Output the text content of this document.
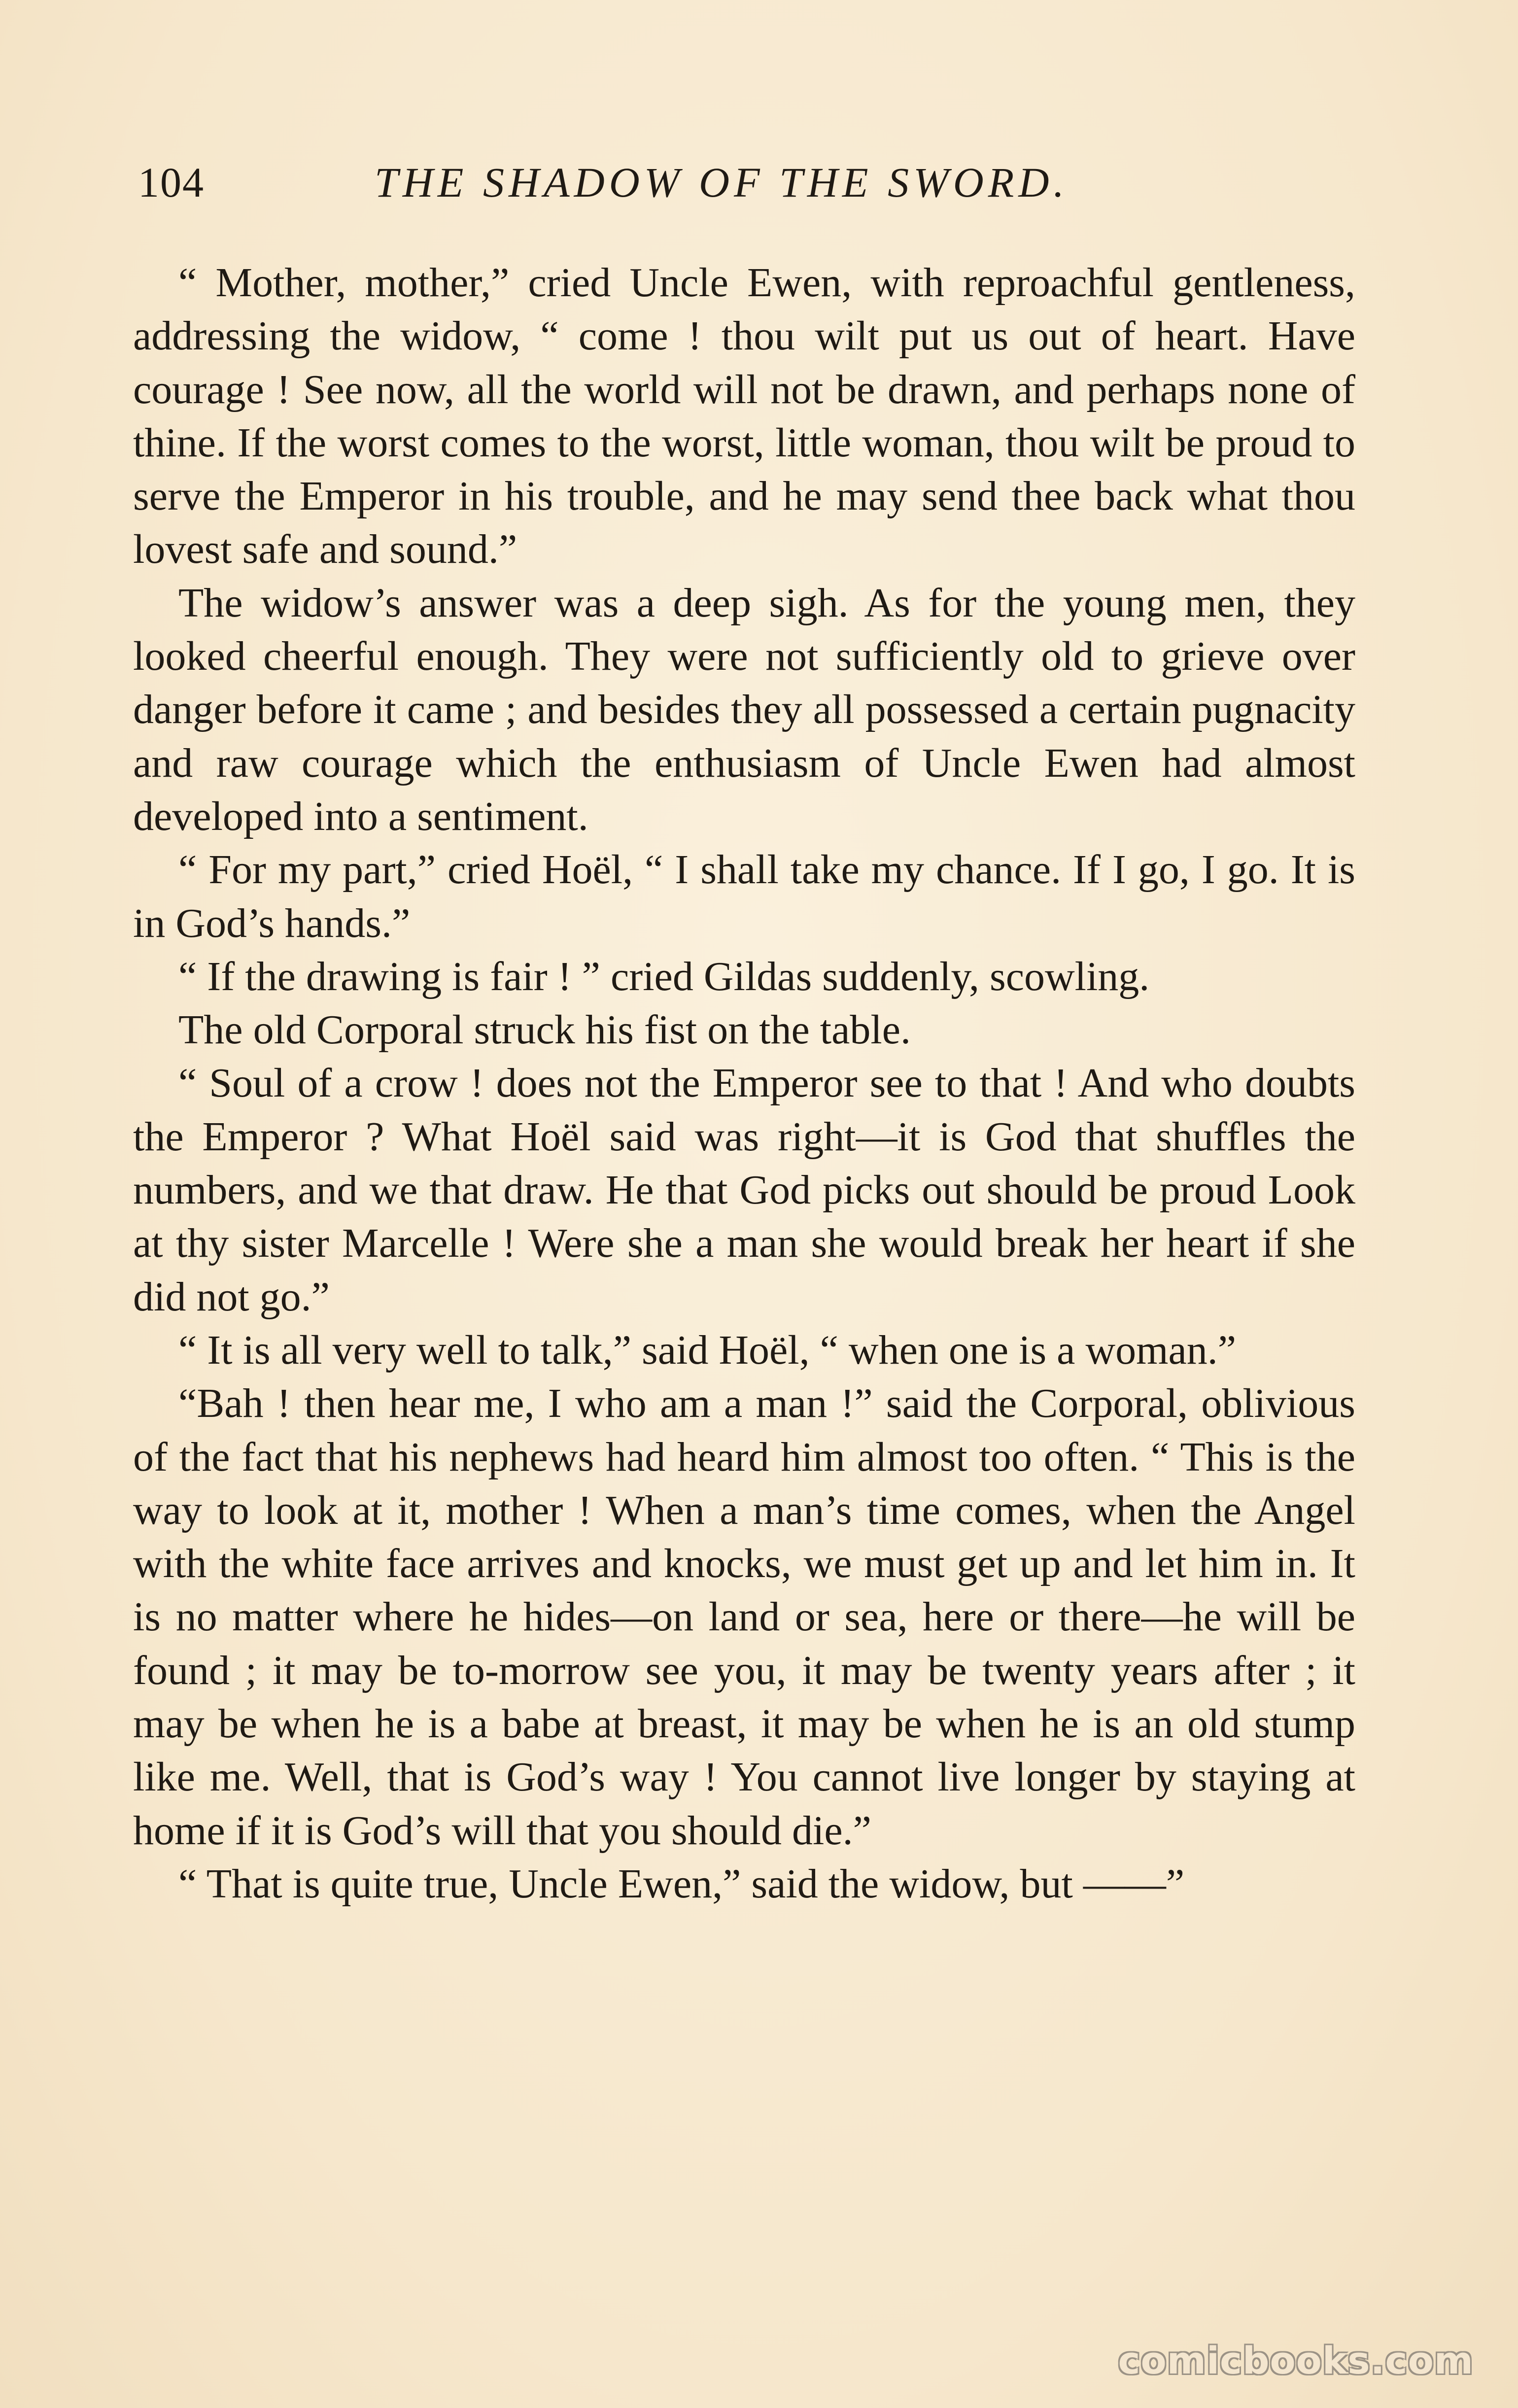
104	THE SHADOW OF THE SWORD.

“ Mother, mother,” cried Uncle Ewen, with reproachful gentleness, addressing the widow, “ come ! thou wilt put us out of heart. Have courage ! See now, all the world will not be drawn, and perhaps none of thine. If the worst comes to the worst, little woman, thou wilt be proud to serve the Emperor in his trouble, and he may send thee back what thou lovest safe and sound.”

The widow’s answer was a deep sigh. As for the young men, they looked cheerful enough. They were not sufficiently old to grieve over danger before it came ; and besides they all possessed a certain pugnacity and raw courage which the enthusiasm of Uncle Ewen had almost developed into a sentiment.

“ For my part,” cried Hoël, “ I shall take my chance. If I go, I go. It is in God’s hands.”

“ If the drawing is fair ! ” cried Gildas suddenly, scowling.

The old Corporal struck his fist on the table.

“ Soul of a crow ! does not the Emperor see to that ! And who doubts the Emperor ? What Hoël said was right—it is God that shuffles the numbers, and we that draw. He that God picks out should be proud Look at thy sister Marcelle ! Were she a man she would break her heart if she did not go.”

“ It is all very well to talk,” said Hoël, “ when one is a woman.”

“Bah ! then hear me, I who am a man !” said the Corporal, oblivious of the fact that his nephews had heard him almost too often. “ This is the way to look at it, mother ! When a man’s time comes, when the Angel with the white face arrives and knocks, we must get up and let him in. It is no matter where he hides—on land or sea, here or there—he will be found ; it may be to-morrow see you, it may be twenty years after ; it may be when he is a babe at breast, it may be when he is an old stump like me. Well, that is God’s way ! You cannot live longer by staying at home if it is God’s will that you should die.”

“ That is quite true, Uncle Ewen,” said the widow, but ——”

comicbooks.com
